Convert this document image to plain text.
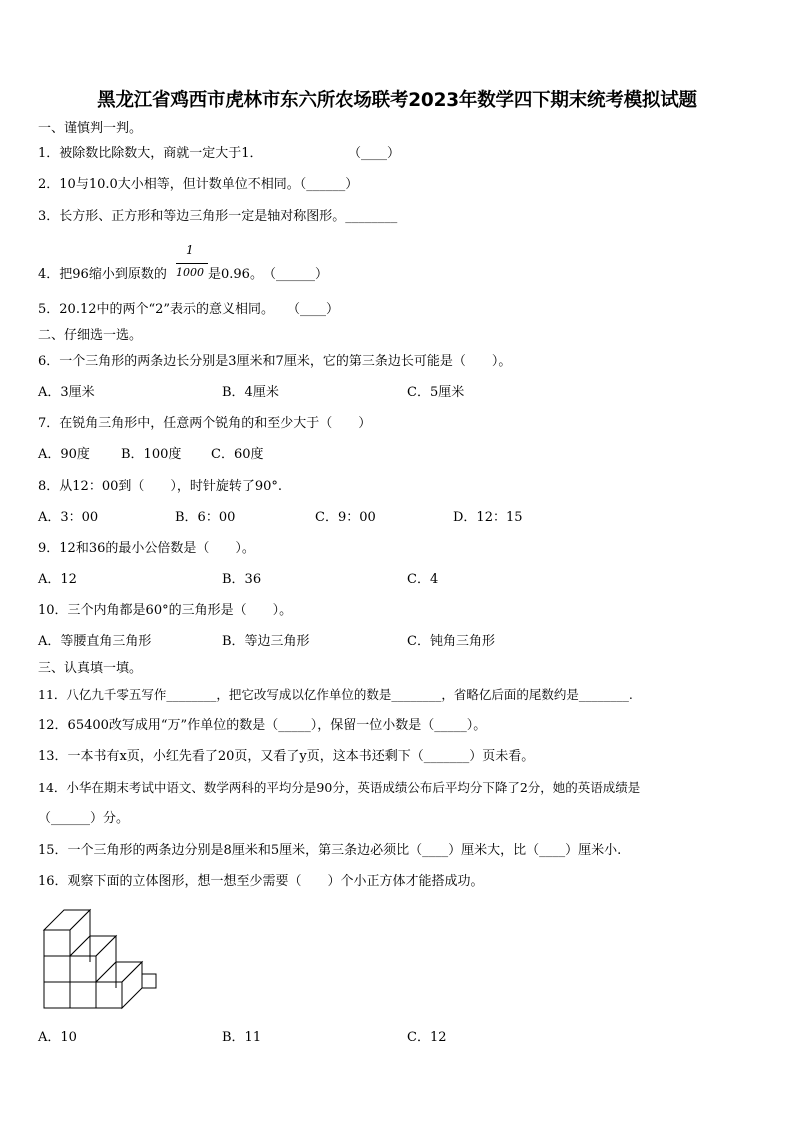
黑龙江省鸡西市虎林市东六所农场联考2023年数学四下期末统考模拟试题
一、谨慎判一判。
1．被除数比除数大，商就一定大于1．	（____）
2．10与10.0大小相等，但计数单位不相同。（______）
3．长方形、正方形和等边三角形一定是轴对称图形。________
4．把96缩小到原数的
1
1000 是0.96。　（______）
5．20.12中的两个“2”表示的意义相同。　　（____）
二、仔细选一选。
6．一个三角形的两条边长分别是3厘米和7厘米，它的第三条边长可能是（　　）。
A．3厘米	B．4厘米	C．5厘米
7．在锐角三角形中，任意两个锐角的和至少大于（　　）
A．90度 B．100度 C．60度
8．从12：00到（　　），时针旋转了90°.
A．3：00	B．6：00	C．9：00	D．12：15
9．12和36的最小公倍数是（　　）。
A．12	B．36	C．4
10．三个内角都是60°的三角形是（　　）。
A．等腰直角三角形	B．等边三角形	C．钝角三角形
三、认真填一填。
11．八亿九千零五写作________，把它改写成以亿作单位的数是________，省略亿后面的尾数约是________.
12．65400改写成用“万”作单位的数是（_____），保留一位小数是（_____）。
13．一本书有x页，小红先看了20页，又看了y页，这本书还剩下（_______）页未看。
14．小华在期末考试中语文、数学两科的平均分是90分，英语成绩公布后平均分下降了2分，她的英语成绩是
（______）分。
15．一个三角形的两条边分别是8厘米和5厘米，第三条边必须比（____）厘米大，比（____）厘米小.
16．观察下面的立体图形，想一想至少需要（　　）个小正方体才能搭成功。
A．10	B．11	C．12
